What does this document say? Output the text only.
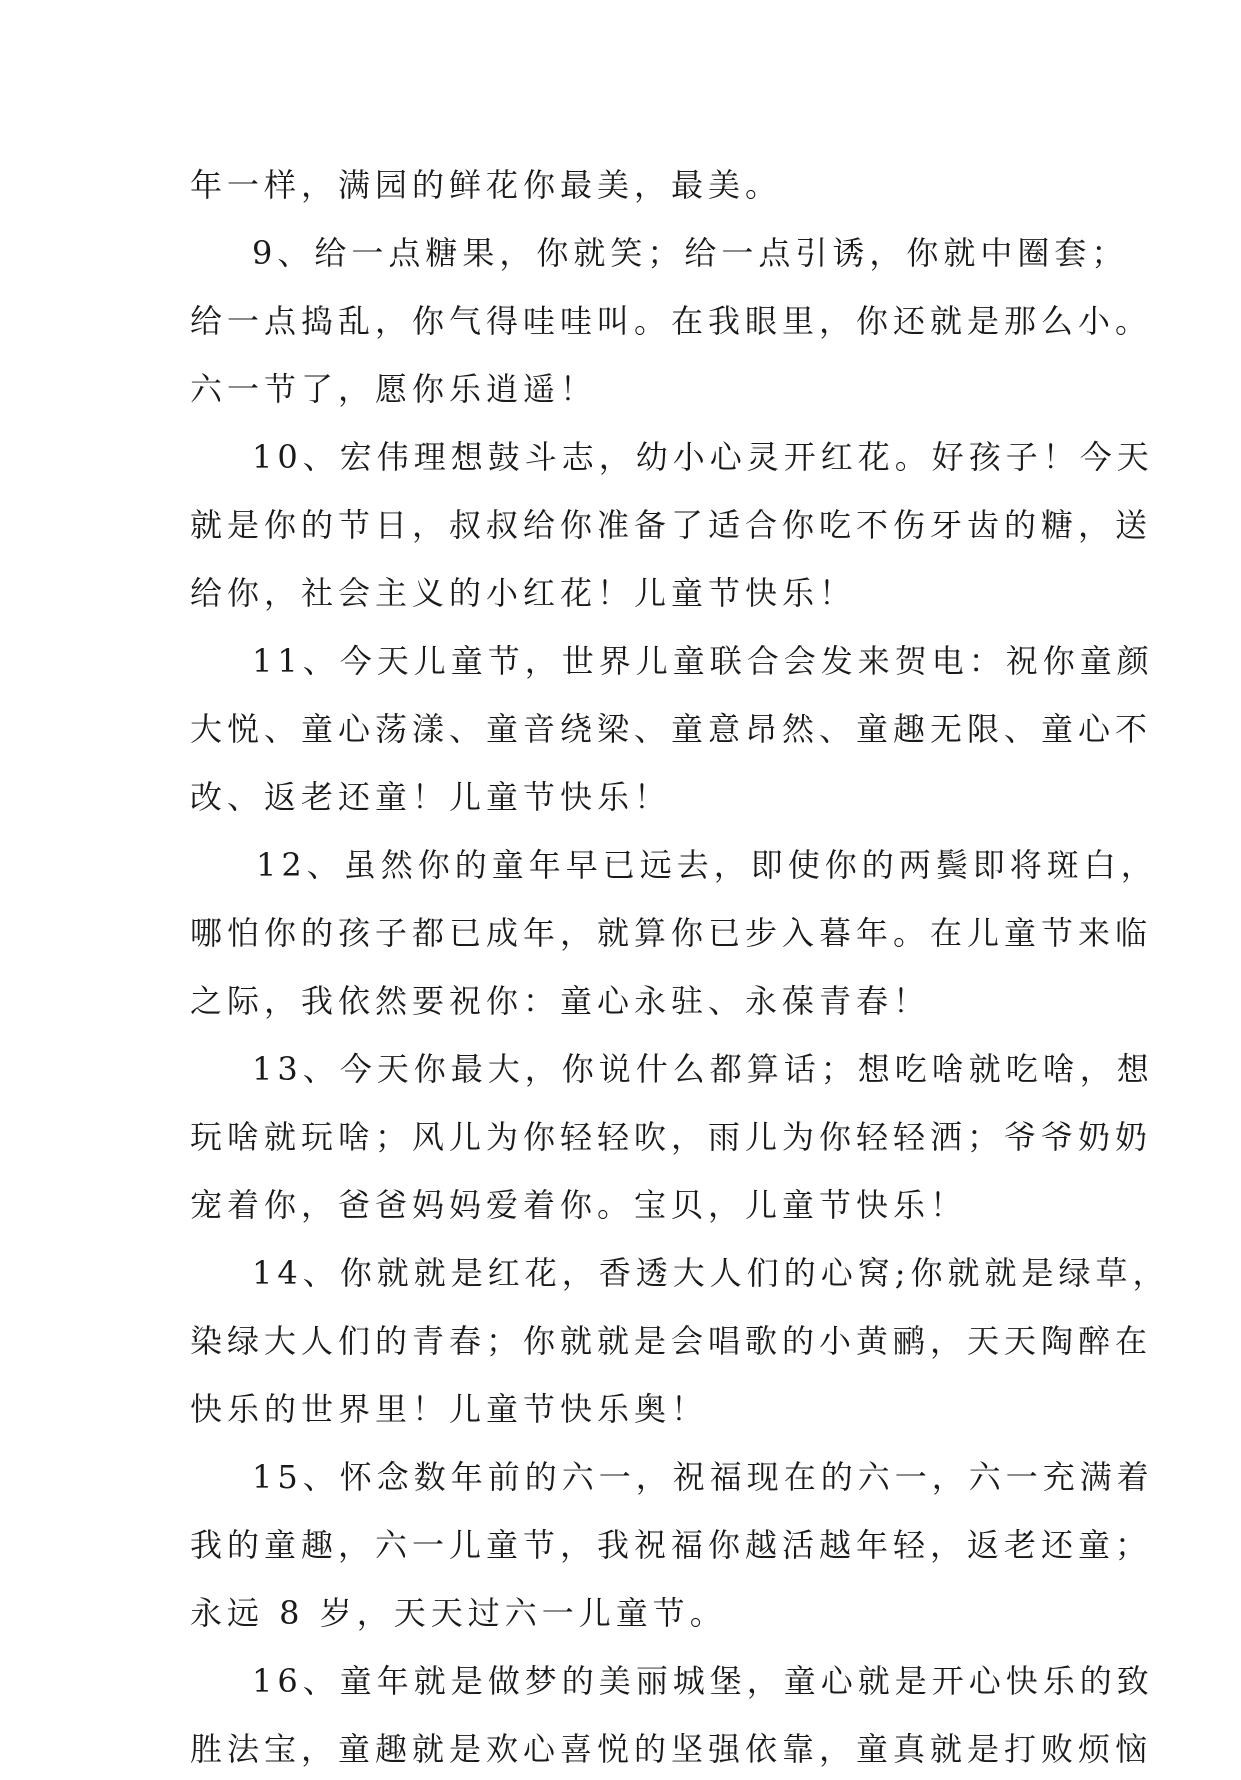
年一样，满园的鲜花你最美，最美。
9、给一点糖果，你就笑；给一点引诱，你就中圈套；
给一点捣乱，你气得哇哇叫。在我眼里，你还就是那么小。
六一节了，愿你乐逍遥！
10、宏伟理想鼓斗志，幼小心灵开红花。好孩子！今天
就是你的节日，叔叔给你准备了适合你吃不伤牙齿的糖，送
给你，社会主义的小红花！儿童节快乐！
11、今天儿童节，世界儿童联合会发来贺电：祝你童颜
大悦、童心荡漾、童音绕梁、童意昂然、童趣无限、童心不
改、返老还童！儿童节快乐！
12、虽然你的童年早已远去，即使你的两鬓即将斑白，
哪怕你的孩子都已成年，就算你已步入暮年。在儿童节来临
之际，我依然要祝你：童心永驻、永葆青春！
13、今天你最大，你说什么都算话；想吃啥就吃啥，想
玩啥就玩啥；风儿为你轻轻吹，雨儿为你轻轻洒；爷爷奶奶
宠着你，爸爸妈妈爱着你。宝贝，儿童节快乐！
14、你就就是红花，香透大人们的心窝;你就就是绿草，
染绿大人们的青春；你就就是会唱歌的小黄鹂，天天陶醉在
快乐的世界里！儿童节快乐奥！
15、怀念数年前的六一，祝福现在的六一，六一充满着
我的童趣，六一儿童节，我祝福你越活越年轻，返老还童；
永远 8 岁，天天过六一儿童节。
16、童年就是做梦的美丽城堡，童心就是开心快乐的致
胜法宝，童趣就是欢心喜悦的坚强依靠，童真就是打败烦恼
